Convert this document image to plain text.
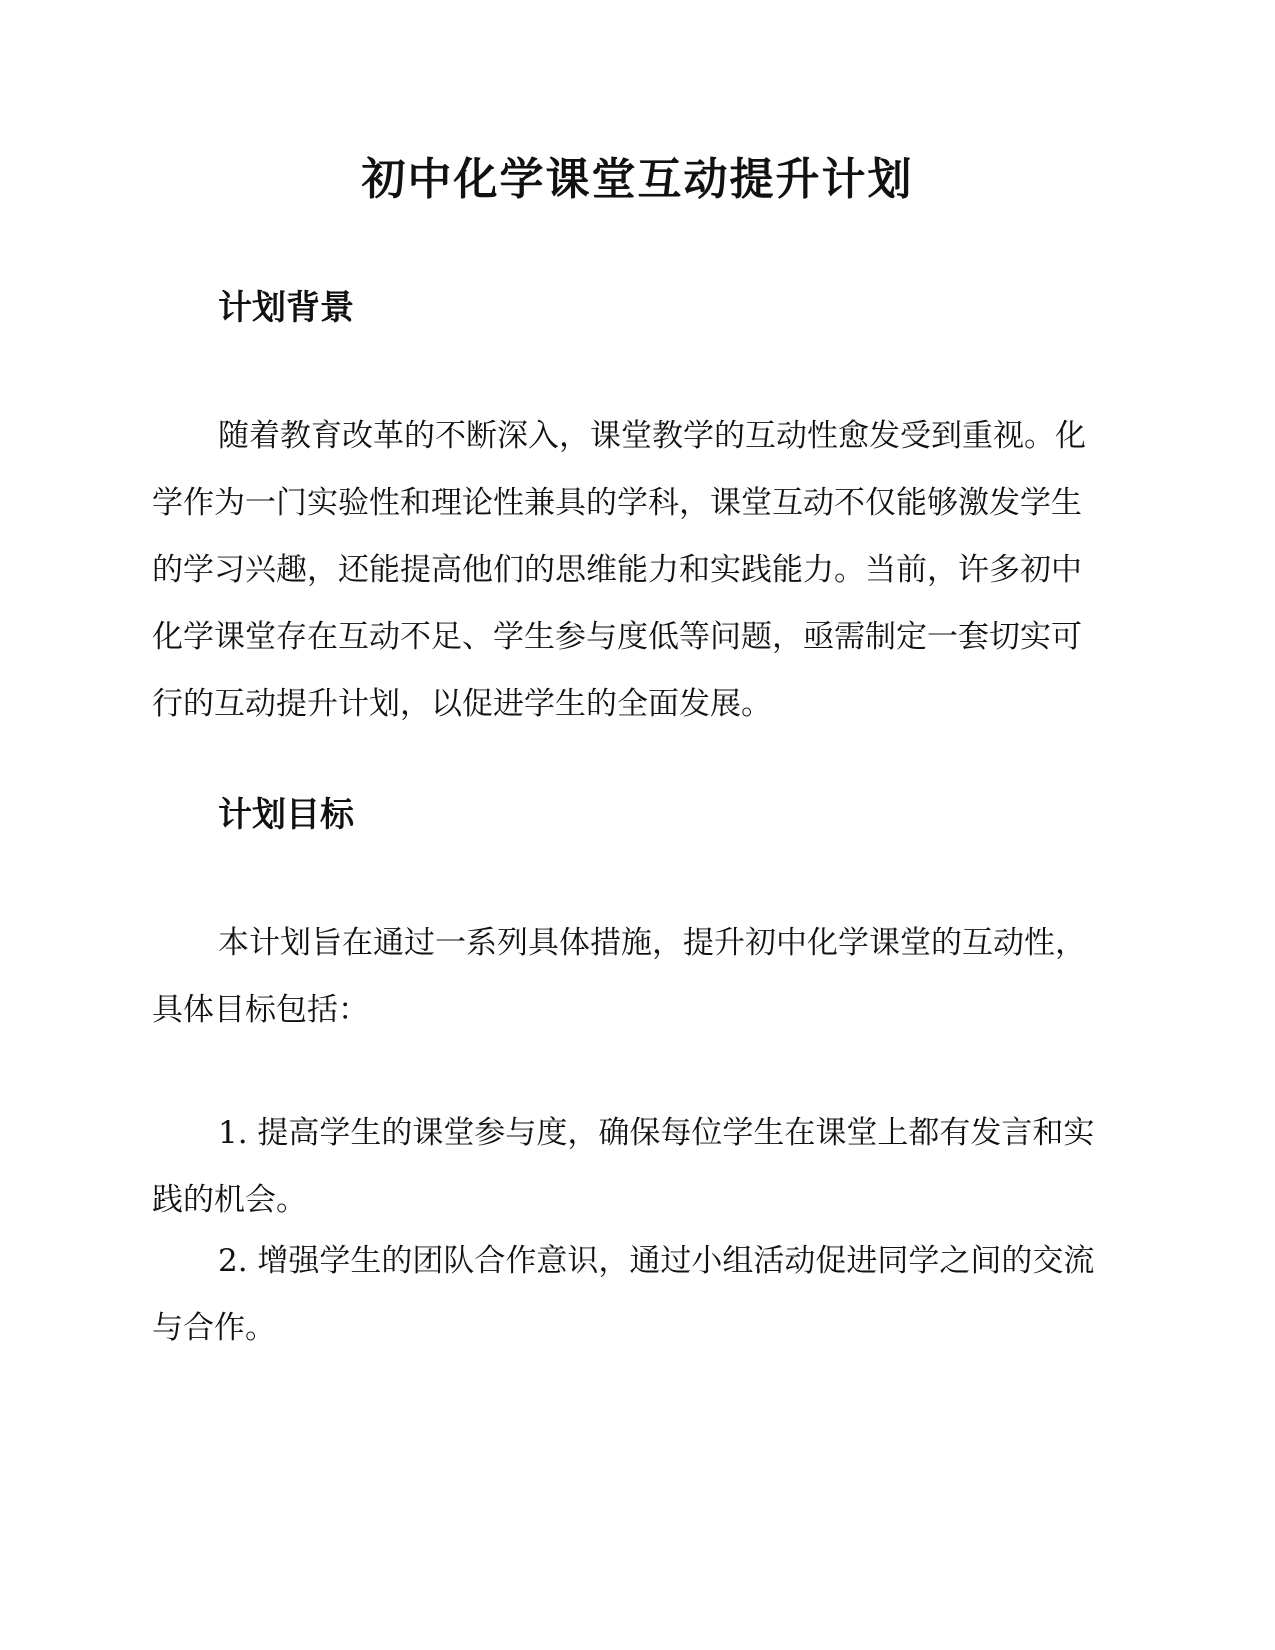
初中化学课堂互动提升计划
计划背景

随着教育改革的不断深入，课堂教学的互动性愈发受到重视。化学作为一门实验性和理论性兼具的学科，课堂互动不仅能够激发学生的学习兴趣，还能提高他们的思维能力和实践能力。当前，许多初中化学课堂存在互动不足、学生参与度低等问题，亟需制定一套切实可行的互动提升计划，以促进学生的全面发展。

计划目标

本计划旨在通过一系列具体措施，提升初中化学课堂的互动性，具体目标包括：

1. 提高学生的课堂参与度，确保每位学生在课堂上都有发言和实践的机会。

2. 增强学生的团队合作意识，通过小组活动促进同学之间的交流与合作。
